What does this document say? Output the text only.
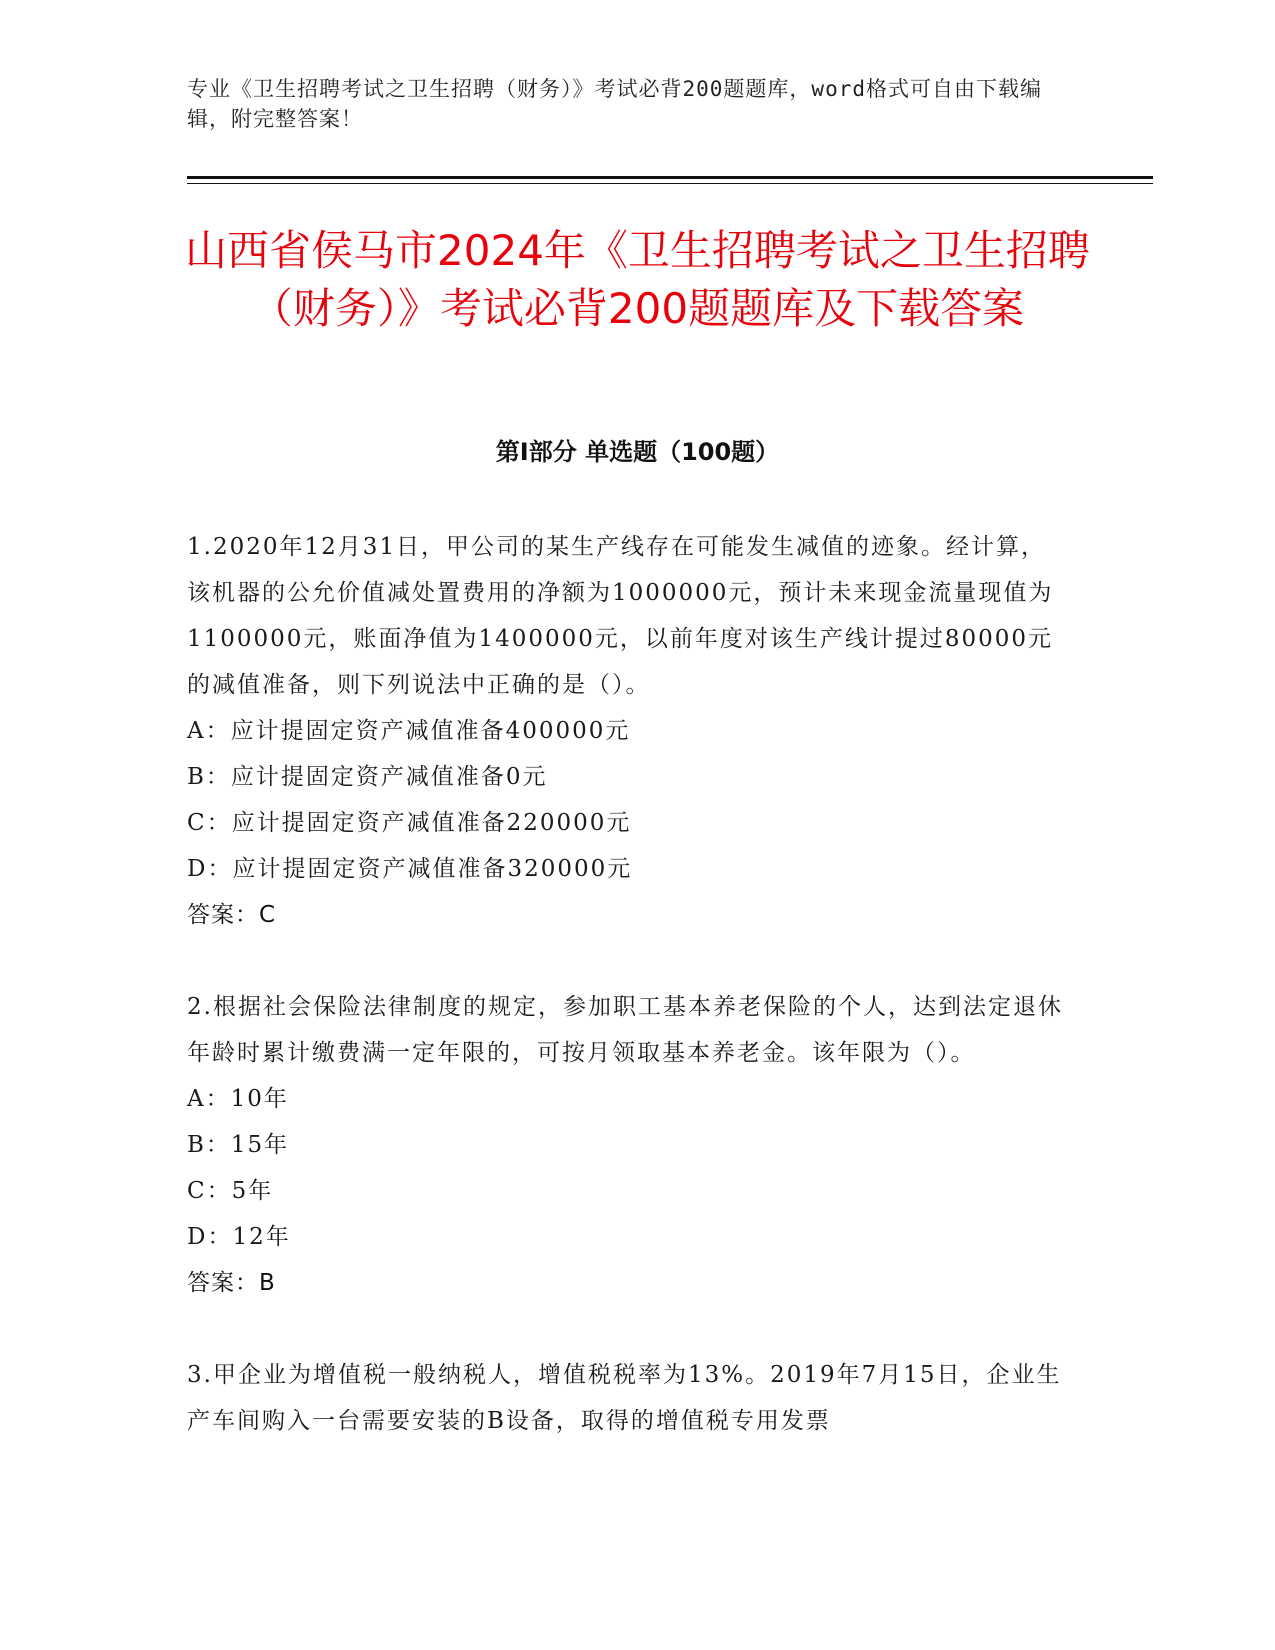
专业《卫生招聘考试之卫生招聘（财务）》考试必背200题题库，word格式可自由下载编辑，附完整答案！
山西省侯马市2024年《卫生招聘考试之卫生招聘（财务）》考试必背200题题库及下载答案
第Ⅰ部分 单选题（100题）
1.2020年12月31日，甲公司的某生产线存在可能发生减值的迹象。经计算，该机器的公允价值减处置费用的净额为1000000元，预计未来现金流量现值为1100000元，账面净值为1400000元，以前年度对该生产线计提过80000元的减值准备，则下列说法中正确的是（）。
A：应计提固定资产减值准备400000元
B：应计提固定资产减值准备0元
C：应计提固定资产减值准备220000元
D：应计提固定资产减值准备320000元
答案：C
2.根据社会保险法律制度的规定，参加职工基本养老保险的个人，达到法定退休年龄时累计缴费满一定年限的，可按月领取基本养老金。该年限为（）。
A：10年
B：15年
C：5年
D：12年
答案：B
3.甲企业为增值税一般纳税人，增值税税率为13%。2019年7月15日，企业生产车间购入一台需要安装的B设备，取得的增值税专用发票
